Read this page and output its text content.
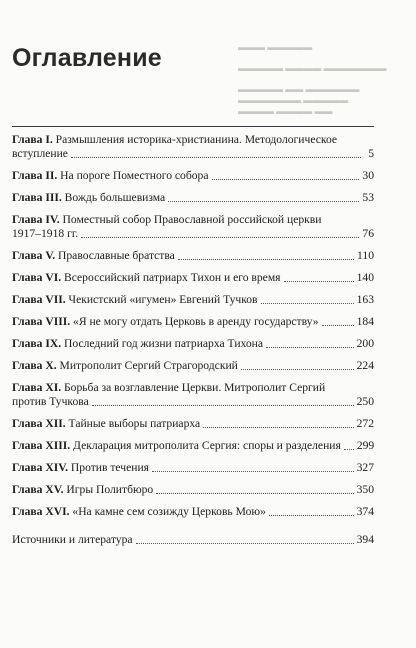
▬▬▬ ▬▬▬▬▬
▬▬▬▬▬ ▬▬▬▬ ▬▬▬▬▬▬▬
▬▬▬▬▬ ▬▬ ▬▬▬▬▬▬ ▬▬▬▬▬▬▬ ▬▬▬▬▬
▬▬▬▬ ▬▬▬▬ ▬▬
Оглавление
Глава I. Размышления историка-христианина. Методологическое
вступление	5
Глава II. На пороге Поместного собора	30
Глава III. Вождь большевизма	53
Глава IV. Поместный собор Православной российской церкви
1917–1918 гг.	76
Глава V. Православные братства	110
Глава VI. Всероссийский патриарх Тихон и его время	140
Глава VII. Чекистский «игумен» Евгений Тучков	163
Глава VIII. «Я не могу отдать Церковь в аренду государству»	184
Глава IX. Последний год жизни патриарха Тихона	200
Глава X. Митрополит Сергий Страгородский	224
Глава XI. Борьба за возглавление Церкви. Митрополит Сергий
против Тучкова	250
Глава XII. Тайные выборы патриарха	272
Глава XIII. Декларация митрополита Сергия: споры и разделения 299
Глава XIV. Против течения	327
Глава XV. Игры Политбюро	350
Глава XVI. «На камне сем созижду Церковь Мою»	374
Источники и литература	394
